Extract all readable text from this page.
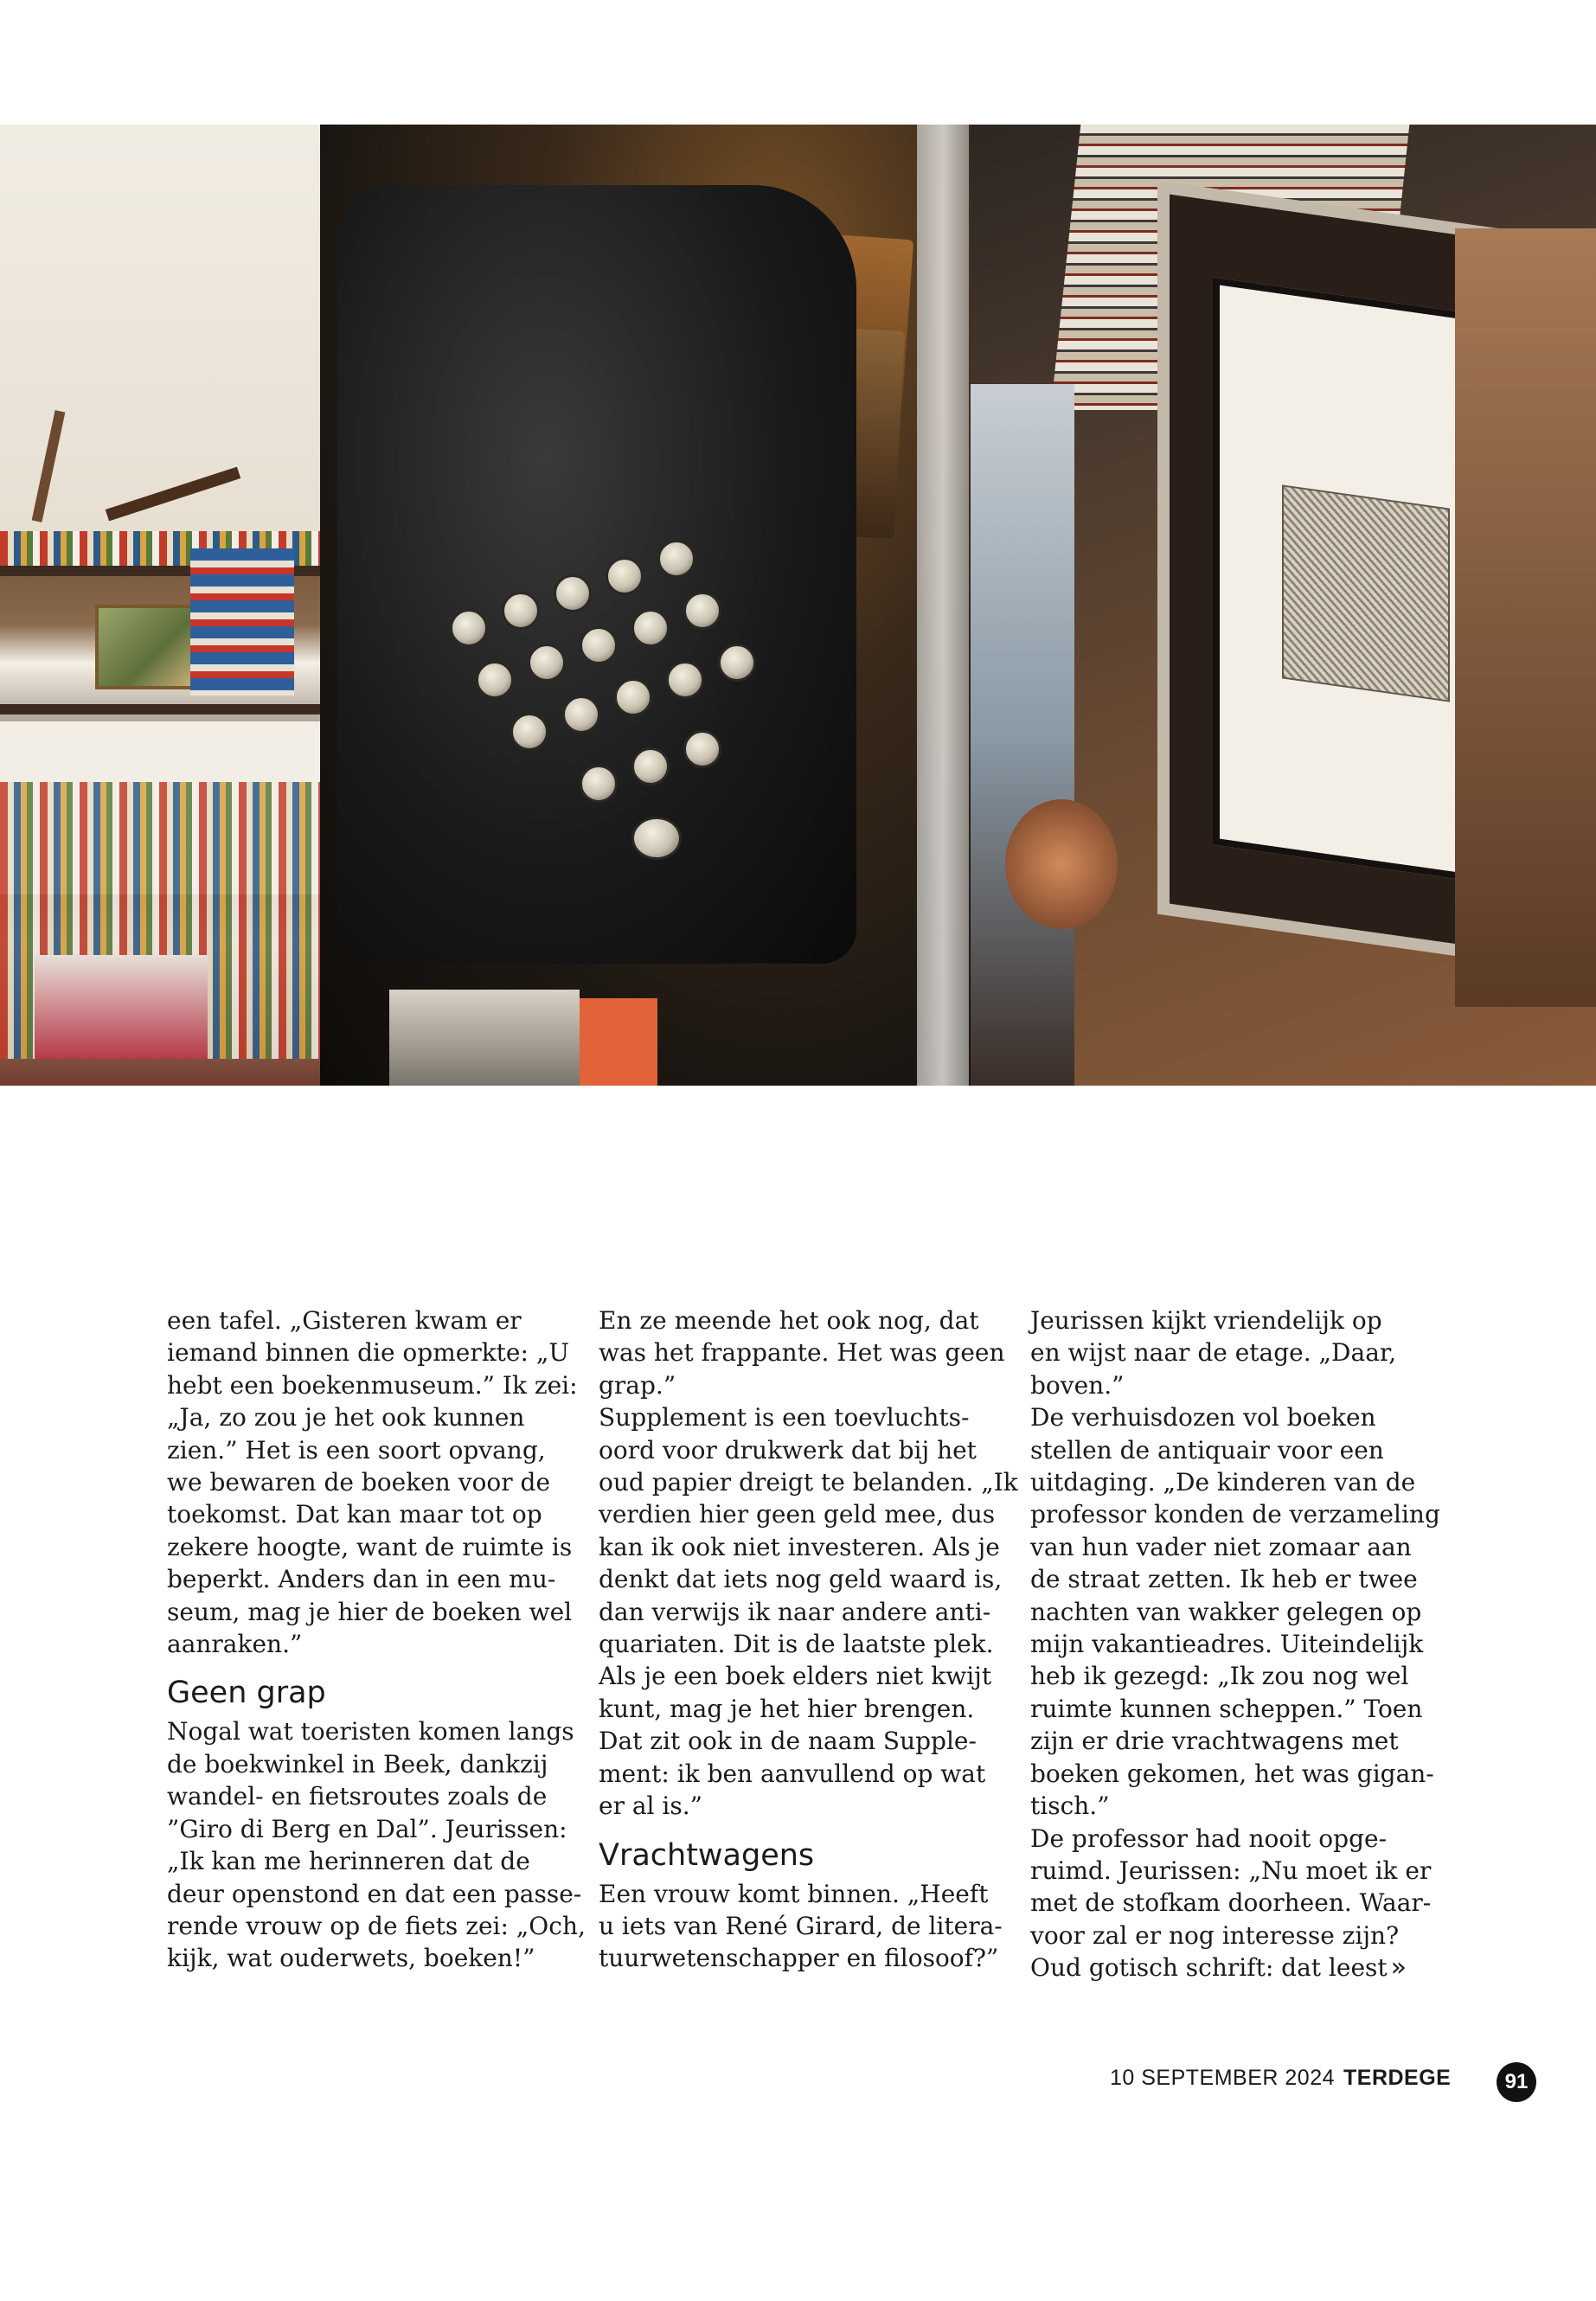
een tafel. „Gisteren kwam er

iemand binnen die opmerkte: „U

hebt een boekenmuseum.” Ik zei:

„Ja, zo zou je het ook kunnen

zien.” Het is een soort opvang,

we bewaren de boeken voor de

toekomst. Dat kan maar tot op

zekere hoogte, want de ruimte is

beperkt. Anders dan in een mu-

seum, mag je hier de boeken wel

aanraken.”

Geen grap

Nogal wat toeristen komen langs

de boekwinkel in Beek, dankzij

wandel- en fietsroutes zoals de

”Giro di Berg en Dal”. Jeurissen:

„Ik kan me herinneren dat de

deur openstond en dat een passe-

rende vrouw op de fiets zei: „Och,

kijk, wat ouderwets, boeken!”

En ze meende het ook nog, dat

was het frappante. Het was geen

grap.”

Supplement is een toevluchts-

oord voor drukwerk dat bij het

oud papier dreigt te belanden. „Ik

verdien hier geen geld mee, dus

kan ik ook niet investeren. Als je

denkt dat iets nog geld waard is,

dan verwijs ik naar andere anti-

quariaten. Dit is de laatste plek.

Als je een boek elders niet kwijt

kunt, mag je het hier brengen.

Dat zit ook in de naam Supple-

ment: ik ben aanvullend op wat

er al is.”

Vrachtwagens

Een vrouw komt binnen. „Heeft

u iets van René Girard, de litera-

tuurwetenschapper en filosoof?”

Jeurissen kijkt vriendelijk op

en wijst naar de etage. „Daar,

boven.”

De verhuisdozen vol boeken

stellen de antiquair voor een

uitdaging. „De kinderen van de

professor konden de verzameling

van hun vader niet zomaar aan

de straat zetten. Ik heb er twee

nachten van wakker gelegen op

mijn vakantieadres. Uiteindelijk

heb ik gezegd: „Ik zou nog wel

ruimte kunnen scheppen.” Toen

zijn er drie vrachtwagens met

boeken gekomen, het was gigan-

tisch.”

De professor had nooit opge-

ruimd. Jeurissen: „Nu moet ik er

met de stofkam doorheen. Waar-

voor zal er nog interesse zijn?

Oud gotisch schrift: dat leest »

10 SEPTEMBER 2024 TERDEGE	91
